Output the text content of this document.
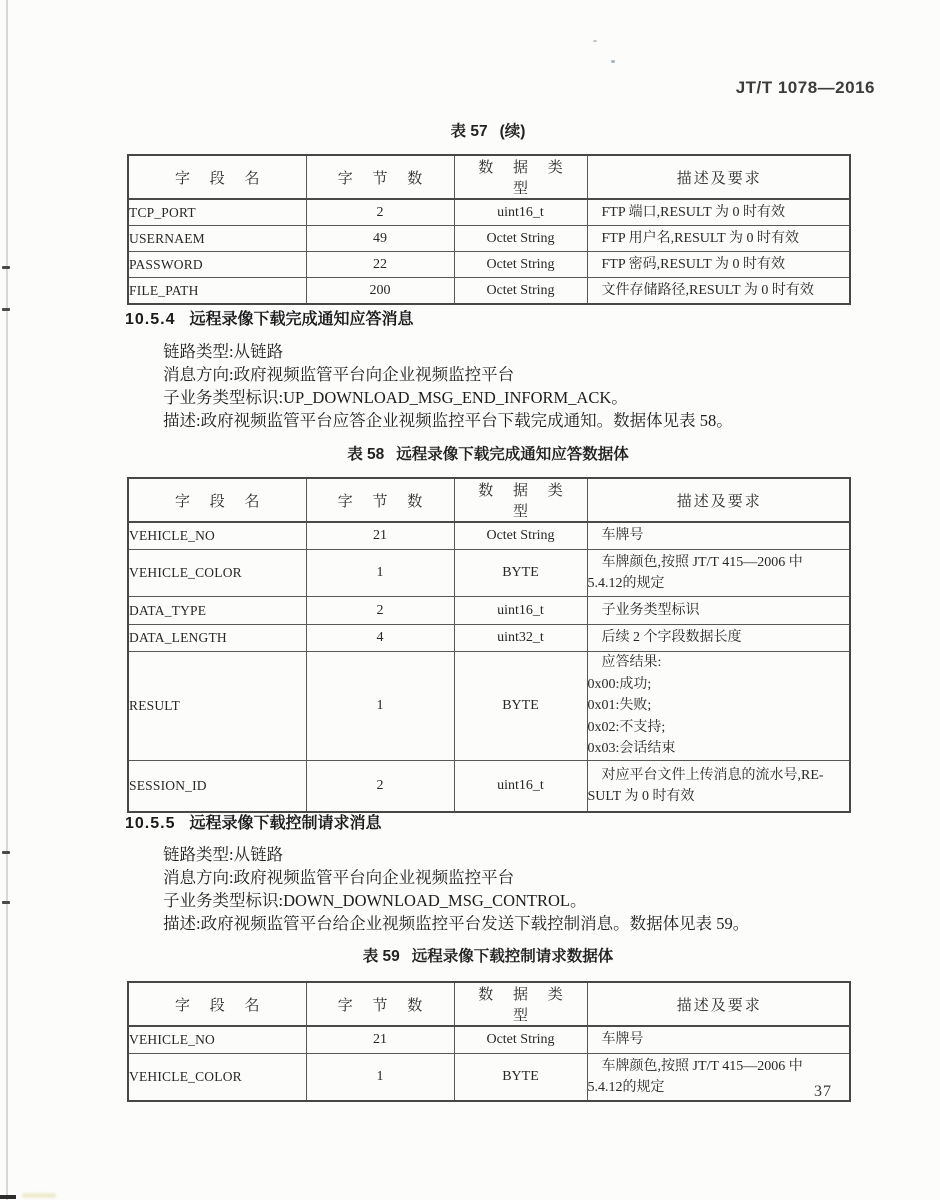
JT/T 1078—2016
表 57 (续)
字 段 名	字 节 数	数 据 类 型	描述及要求
TCP_PORT	2	uint16_t	FTP 端口,RESULT 为 0 时有效

USERNAEM	49	Octet String	FTP 用户名,RESULT 为 0 时有效

PASSWORD	22	Octet String	FTP 密码,RESULT 为 0 时有效

FILE_PATH	200	Octet String	文件存储路径,RESULT 为 0 时有效
10.5.4 远程录像下载完成通知应答消息
链路类型:从链路
消息方向:政府视频监管平台向企业视频监控平台
子业务类型标识:UP_DOWNLOAD_MSG_END_INFORM_ACK。
描述:政府视频监管平台应答企业视频监控平台下载完成通知。数据体见表 58。
表 58 远程录像下载完成通知应答数据体
字 段 名	字 节 数	数 据 类 型	描述及要求
VEHICLE_NO	21	Octet String	车牌号

VEHICLE_COLOR	1	BYTE	车牌颜色,按照 JT/T 415—2006 中
5.4.12的规定

DATA_TYPE	2	uint16_t	子业务类型标识

DATA_LENGTH	4	uint32_t	后续 2 个字段数据长度

RESULT	1	BYTE	应答结果:
0x00:成功;
0x01:失败;
0x02:不支持;
0x03:会话结束

SESSION_ID	2	uint16_t	对应平台文件上传消息的流水号,RE-
SULT 为 0 时有效
10.5.5 远程录像下载控制请求消息
链路类型:从链路
消息方向:政府视频监管平台向企业视频监控平台
子业务类型标识:DOWN_DOWNLOAD_MSG_CONTROL。
描述:政府视频监管平台给企业视频监控平台发送下载控制消息。数据体见表 59。
表 59 远程录像下载控制请求数据体
字 段 名	字 节 数	数 据 类 型	描述及要求
VEHICLE_NO	21	Octet String	车牌号

VEHICLE_COLOR	1	BYTE	车牌颜色,按照 JT/T 415—2006 中
5.4.12的规定	37
